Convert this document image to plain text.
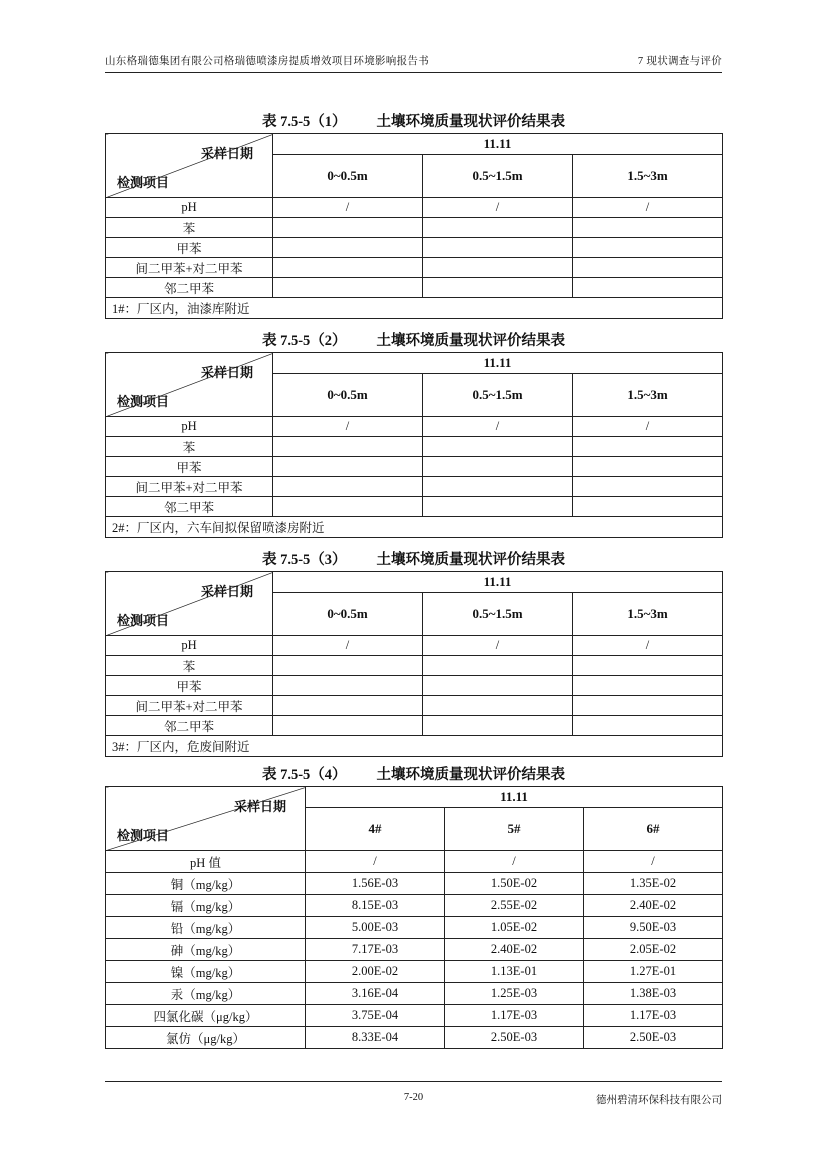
山东格瑞德集团有限公司格瑞德喷漆房提质增效项目环境影响报告书	7 现状调查与评价
表 7.5-5（1） 土壤环境质量现状评价结果表
采样日期
检测项目	11.11		
	0~0.5m	0.5~1.5m	1.5~3m
pH	/	/	/
苯			
甲苯			
间二甲苯+对二甲苯			
邻二甲苯			
1#：厂区内，油漆库附近			
表 7.5-5（2） 土壤环境质量现状评价结果表
采样日期
检测项目	11.11		
	0~0.5m	0.5~1.5m	1.5~3m
pH	/	/	/
苯			
甲苯			
间二甲苯+对二甲苯			
邻二甲苯			
2#：厂区内，六车间拟保留喷漆房附近			
表 7.5-5（3） 土壤环境质量现状评价结果表
采样日期
检测项目	11.11		
	0~0.5m	0.5~1.5m	1.5~3m
pH	/	/	/
苯			
甲苯			
间二甲苯+对二甲苯			
邻二甲苯			
3#：厂区内，危废间附近			
表 7.5-5（4） 土壤环境质量现状评价结果表
采样日期
检测项目	11.11		
	4#	5#	6#
pH 值	/	/	/
铜（mg/kg）	1.56E-03	1.50E-02	1.35E-02
镉（mg/kg）	8.15E-03	2.55E-02	2.40E-02
铅（mg/kg）	5.00E-03	1.05E-02	9.50E-03
砷（mg/kg）	7.17E-03	2.40E-02	2.05E-02
镍（mg/kg）	2.00E-02	1.13E-01	1.27E-01
汞（mg/kg）	3.16E-04	1.25E-03	1.38E-03
四氯化碳（μg/kg）	3.75E-04	1.17E-03	1.17E-03
氯仿（μg/kg）	8.33E-04	2.50E-03	2.50E-03
7-20	德州碧清环保科技有限公司
